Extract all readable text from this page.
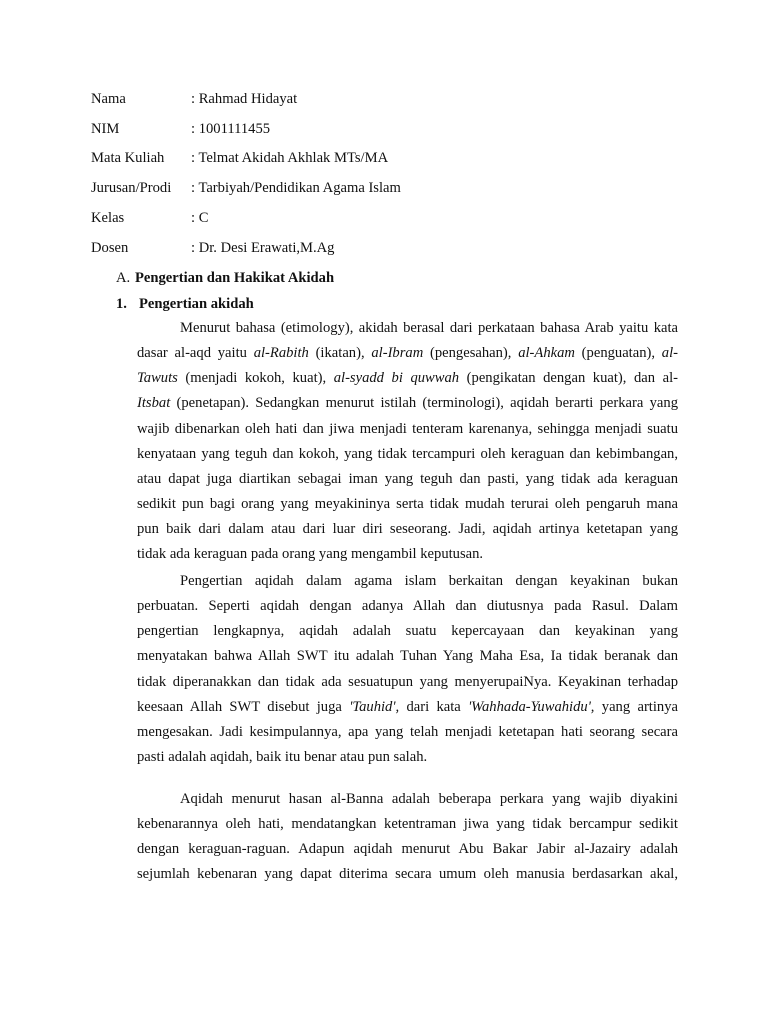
Nama	: Rahmad Hidayat
NIM	: 1001111455
Mata Kuliah : Telmat Akidah Akhlak MTs/MA
Jurusan/Prodi : Tarbiyah/Pendidikan Agama Islam
Kelas	: C
Dosen	: Dr. Desi Erawati,M.Ag
A. Pengertian dan Hakikat Akidah
1. Pengertian akidah
Menurut bahasa (etimology), akidah berasal dari perkataan bahasa Arab yaitu kata
dasar al-aqd yaitu al-Rabith (ikatan), al-Ibram (pengesahan), al-Ahkam (penguatan), al-
Tawuts (menjadi kokoh, kuat), al-syadd bi quwwah (pengikatan dengan kuat), dan al-
Itsbat (penetapan). Sedangkan menurut istilah (terminologi), aqidah berarti perkara yang
wajib dibenarkan oleh hati dan jiwa menjadi tenteram karenanya, sehingga menjadi suatu
kenyataan yang teguh dan kokoh, yang tidak tercampuri oleh keraguan dan kebimbangan,
atau dapat juga diartikan sebagai iman yang teguh dan pasti, yang tidak ada keraguan
sedikit pun bagi orang yang meyakininya serta tidak mudah terurai oleh pengaruh mana
pun baik dari dalam atau dari luar diri seseorang. Jadi, aqidah artinya ketetapan yang
tidak ada keraguan pada orang yang mengambil keputusan.
Pengertian aqidah dalam agama islam berkaitan dengan keyakinan bukan
perbuatan. Seperti aqidah dengan adanya Allah dan diutusnya pada Rasul. Dalam
pengertian lengkapnya, aqidah adalah suatu kepercayaan dan keyakinan yang
menyatakan bahwa Allah SWT itu adalah Tuhan Yang Maha Esa, Ia tidak beranak dan
tidak diperanakkan dan tidak ada sesuatupun yang menyerupaiNya. Keyakinan terhadap
keesaan Allah SWT disebut juga 'Tauhid', dari kata 'Wahhada-Yuwahidu', yang artinya
mengesakan. Jadi kesimpulannya, apa yang telah menjadi ketetapan hati seorang secara
pasti adalah aqidah, baik itu benar atau pun salah.
Aqidah menurut hasan al-Banna adalah beberapa perkara yang wajib diyakini
kebenarannya oleh hati, mendatangkan ketentraman jiwa yang tidak bercampur sedikit
dengan keraguan-raguan. Adapun aqidah menurut Abu Bakar Jabir al-Jazairy adalah
sejumlah kebenaran yang dapat diterima secara umum oleh manusia berdasarkan akal,
